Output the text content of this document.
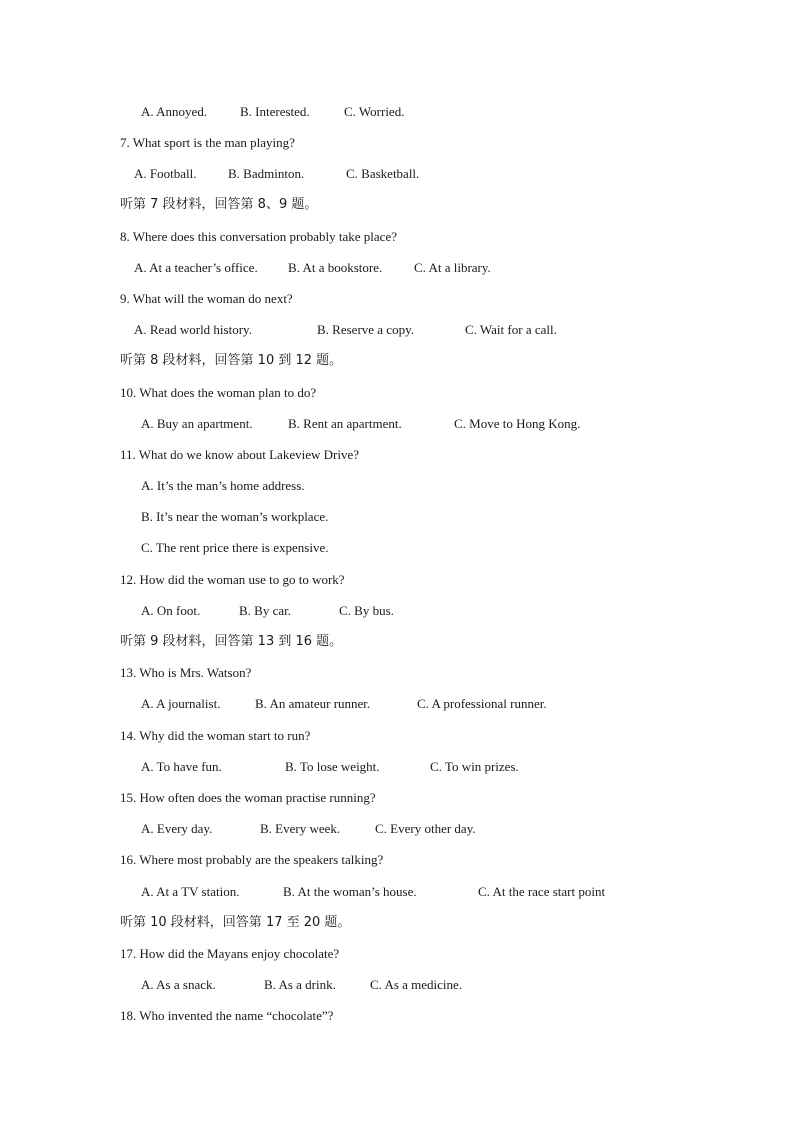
A. Annoyed.	B. Interested.	C. Worried.
7. What sport is the man playing?
A. Football. B. Badminton.	C. Basketball.
听第 7 段材料，回答第 8、9 题。
8. Where does this conversation probably take place?
A. At a teacher’s office. B. At a bookstore. C. At a library.
9. What will the woman do next?
A. Read world history.	B. Reserve a copy.	C. Wait for a call.
听第 8 段材料，回答第 10 到 12 题。
10. What does the woman plan to do?
A. Buy an apartment.	B. Rent an apartment.	C. Move to Hong Kong.
11. What do we know about Lakeview Drive?
A. It’s the man’s home address.
B. It’s near the woman’s workplace.
C. The rent price there is expensive.
12. How did the woman use to go to work?
A. On foot.	B. By car.	C. By bus.
听第 9 段材料，回答第 13 到 16 题。
13. Who is Mrs. Watson?
A. A journalist.	B. An amateur runner.	C. A professional runner.
14. Why did the woman start to run?
A. To have fun.	B. To lose weight.	C. To win prizes.
15. How often does the woman practise running?
A. Every day.	B. Every week.	C. Every other day.
16. Where most probably are the speakers talking?
A. At a TV station.	B. At the woman’s house.	C. At the race start point
听第 10 段材料，回答第 17 至 20 题。
17. How did the Mayans enjoy chocolate?
A. As a snack.	B. As a drink.	C. As a medicine.
18. Who invented the name “chocolate”?
